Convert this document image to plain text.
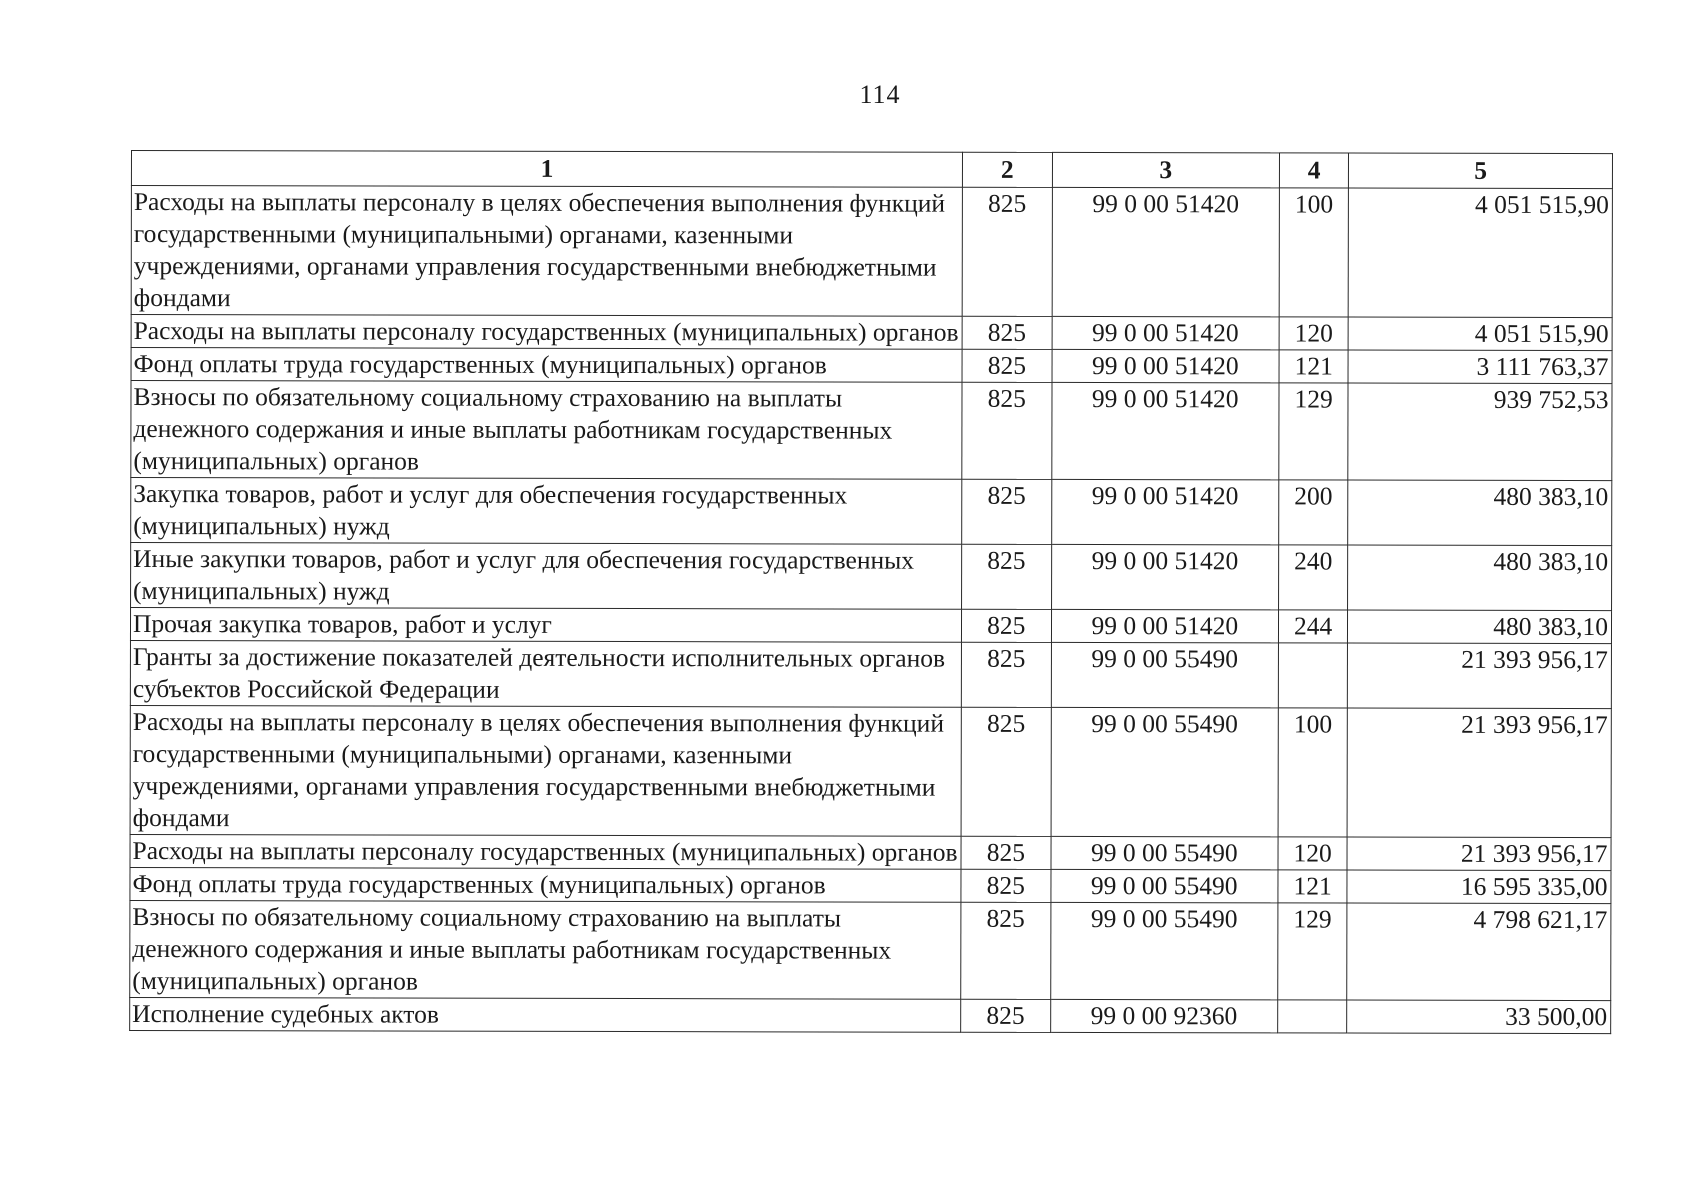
114
1	2	3	4	5
Расходы на выплаты персоналу в целях обеспечения выполнения функций государственными (муниципальными) органами, казенными учреждениями, органами управления государственными внебюджетными фондами	825	99 0 00 51420	100	4 051 515,90
Расходы на выплаты персоналу государственных (муниципальных) органов	825	99 0 00 51420	120	4 051 515,90
Фонд оплаты труда государственных (муниципальных) органов	825	99 0 00 51420	121	3 111 763,37
Взносы по обязательному социальному страхованию на выплаты денежного содержания и иные выплаты работникам государственных (муниципальных) органов	825	99 0 00 51420	129	939 752,53
Закупка товаров, работ и услуг для обеспечения государственных (муниципальных) нужд	825	99 0 00 51420	200	480 383,10
Иные закупки товаров, работ и услуг для обеспечения государственных (муниципальных) нужд	825	99 0 00 51420	240	480 383,10
Прочая закупка товаров, работ и услуг	825	99 0 00 51420	244	480 383,10
Гранты за достижение показателей деятельности исполнительных органов субъектов Российской Федерации	825	99 0 00 55490		21 393 956,17
Расходы на выплаты персоналу в целях обеспечения выполнения функций государственными (муниципальными) органами, казенными учреждениями, органами управления государственными внебюджетными фондами	825	99 0 00 55490	100	21 393 956,17
Расходы на выплаты персоналу государственных (муниципальных) органов	825	99 0 00 55490	120	21 393 956,17
Фонд оплаты труда государственных (муниципальных) органов	825	99 0 00 55490	121	16 595 335,00
Взносы по обязательному социальному страхованию на выплаты денежного содержания и иные выплаты работникам государственных (муниципальных) органов	825	99 0 00 55490	129	4 798 621,17
Исполнение судебных актов	825	99 0 00 92360		33 500,00
